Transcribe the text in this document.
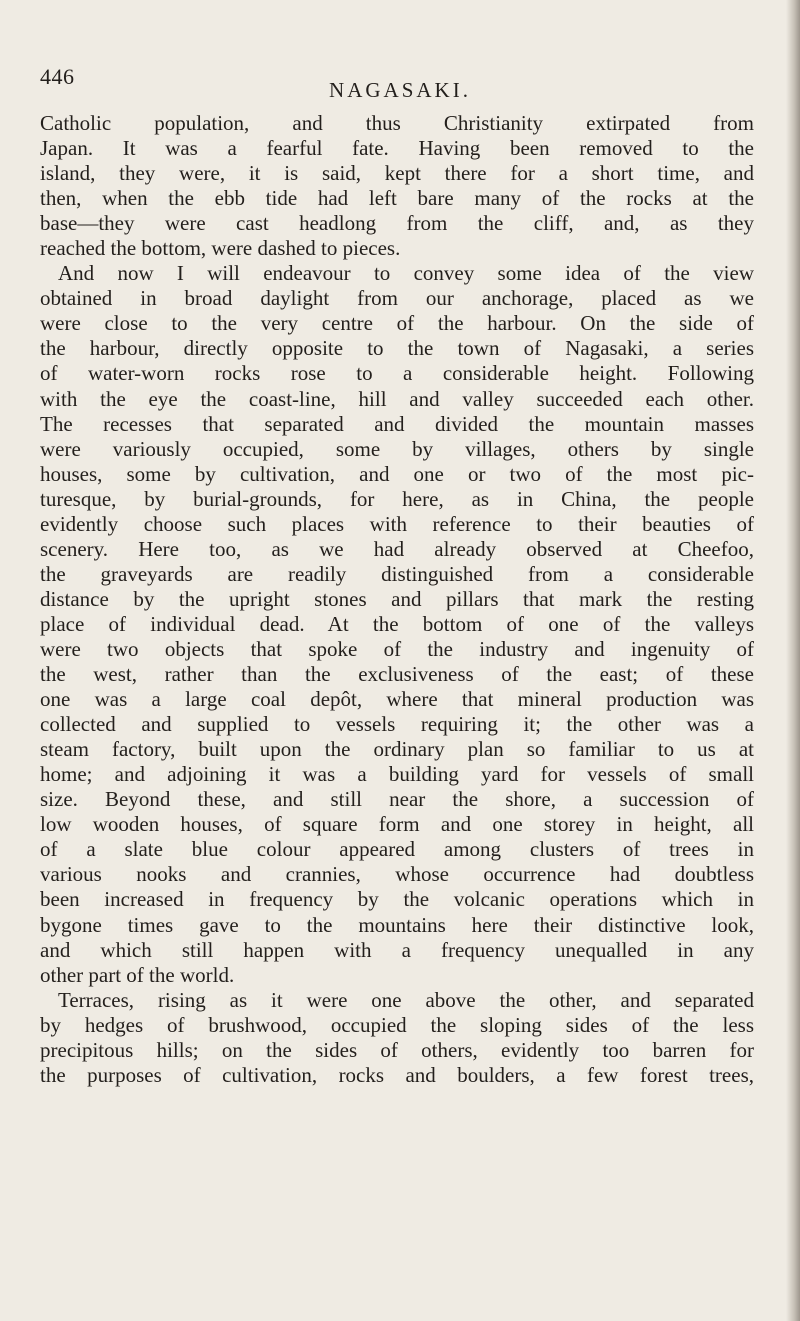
446
NAGASAKI.
Catholic population, and thus Christianity extirpated from
Japan. It was a fearful fate. Having been removed to the
island, they were, it is said, kept there for a short time, and
then, when the ebb tide had left bare many of the rocks at the
base—they were cast headlong from the cliff, and, as they
reached the bottom, were dashed to pieces.
And now I will endeavour to convey some idea of the view
obtained in broad daylight from our anchorage, placed as we
were close to the very centre of the harbour. On the side of
the harbour, directly opposite to the town of Nagasaki, a series
of water-worn rocks rose to a considerable height. Following
with the eye the coast-line, hill and valley succeeded each other.
The recesses that separated and divided the mountain masses
were variously occupied, some by villages, others by single
houses, some by cultivation, and one or two of the most pic-
turesque, by burial-grounds, for here, as in China, the people
evidently choose such places with reference to their beauties of
scenery. Here too, as we had already observed at Cheefoo,
the graveyards are readily distinguished from a considerable
distance by the upright stones and pillars that mark the resting
place of individual dead. At the bottom of one of the valleys
were two objects that spoke of the industry and ingenuity of
the west, rather than the exclusiveness of the east; of these
one was a large coal depôt, where that mineral production was
collected and supplied to vessels requiring it; the other was a
steam factory, built upon the ordinary plan so familiar to us at
home; and adjoining it was a building yard for vessels of small
size. Beyond these, and still near the shore, a succession of
low wooden houses, of square form and one storey in height, all
of a slate blue colour appeared among clusters of trees in
various nooks and crannies, whose occurrence had doubtless
been increased in frequency by the volcanic operations which in
bygone times gave to the mountains here their distinctive look,
and which still happen with a frequency unequalled in any
other part of the world.
Terraces, rising as it were one above the other, and separated
by hedges of brushwood, occupied the sloping sides of the less
precipitous hills; on the sides of others, evidently too barren for
the purposes of cultivation, rocks and boulders, a few forest trees,
